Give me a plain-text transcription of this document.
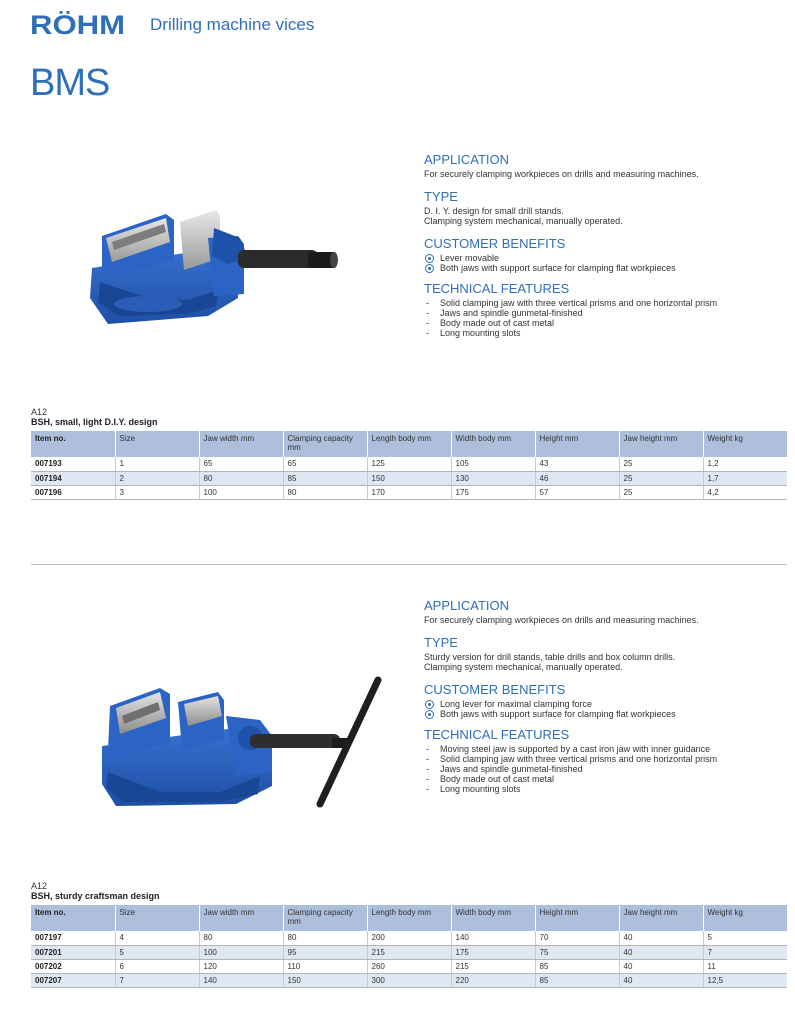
RÖHM Drilling machine vices
BMS
APPLICATION

For securely clamping workpieces on drills and measuring machines.

TYPE

D. I. Y. design for small drill stands.

Clamping system mechanical, manually operated.

CUSTOMER BENEFITS
Lever movable
Both jaws with support surface for clamping flat workpieces
TECHNICAL FEATURES
- Solid clamping jaw with three vertical prisms and one horizontal prism
- Jaws and spindle gunmetal-finished
- Body made out of cast metal
- Long mounting slots
A12
BSH, small, light D.I.Y. design
Item no.	Size	Jaw width mm	Clamping capacity mm	Length body mm	Width body mm	Height mm	Jaw height mm	Weight kg
007193	1	65	65	125	105	43	25	1,2
007194	2	80	85	150	130	46	25	1,7
007196	3	100	80	170	175	57	25	4,2
APPLICATION

For securely clamping workpieces on drills and measuring machines.

TYPE

Sturdy version for drill stands, table drills and box column drills.

Clamping system mechanical, manually operated.

CUSTOMER BENEFITS
Long lever for maximal clamping force
Both jaws with support surface for clamping flat workpieces
TECHNICAL FEATURES
- Moving steel jaw is supported by a cast iron jaw with inner guidance
- Solid clamping jaw with three vertical prisms and one horizontal prism
- Jaws and spindle gunmetal-finished
- Body made out of cast metal
- Long mounting slots
A12
BSH, sturdy craftsman design
Item no.	Size	Jaw width mm	Clamping capacity mm	Length body mm	Width body mm	Height mm	Jaw height mm	Weight kg
007197	4	80	80	200	140	70	40	5
007201	5	100	95	215	175	75	40	7
007202	6	120	110	260	215	85	40	11
007207	7	140	150	300	220	85	40	12,5
